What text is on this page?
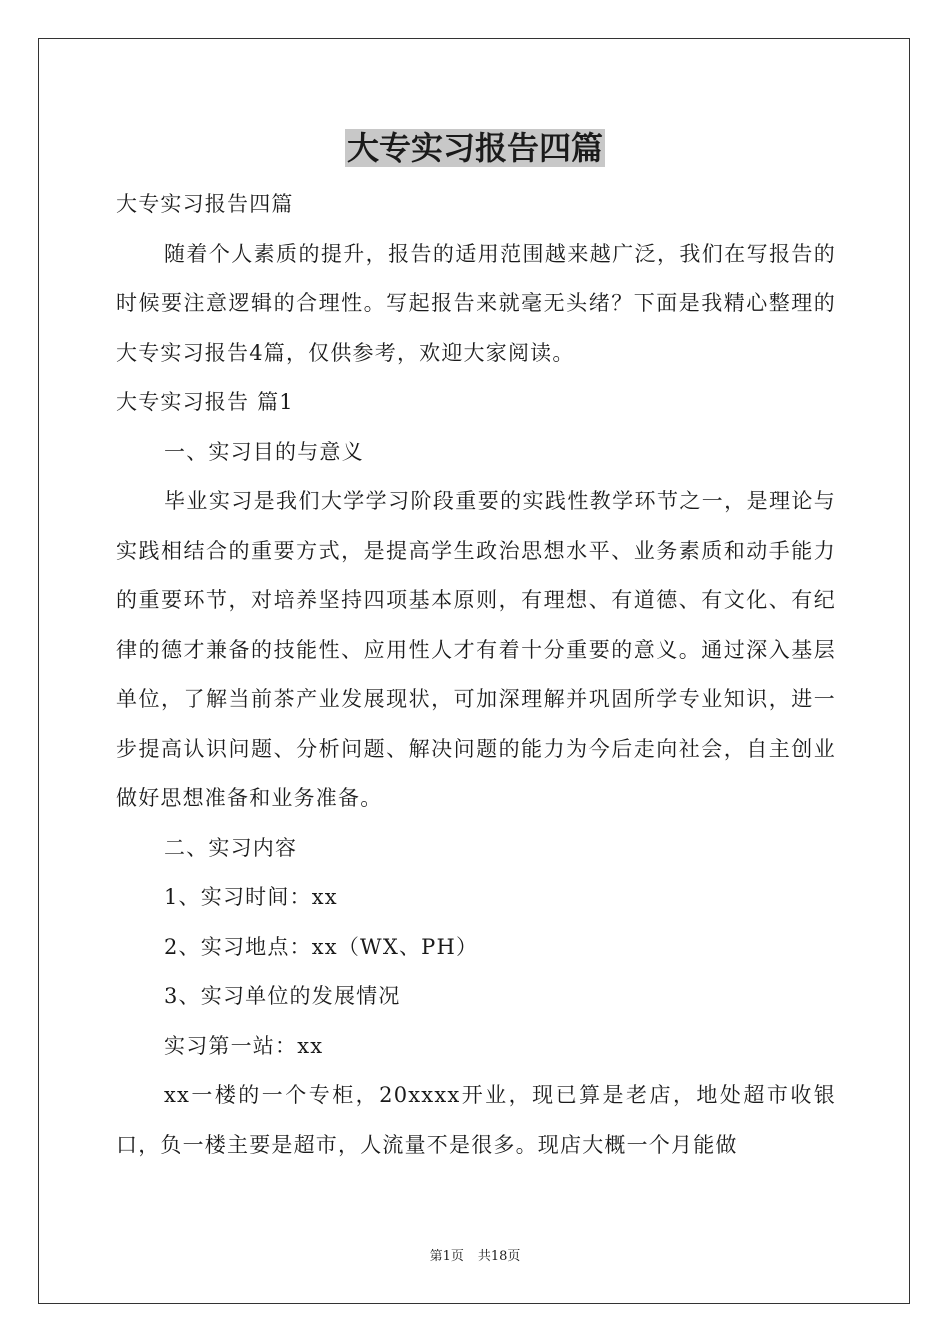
大专实习报告四篇

大专实习报告四篇

随着个人素质的提升，报告的适用范围越来越广泛，我们在写报告的时候要注意逻辑的合理性。写起报告来就毫无头绪？下面是我精心整理的大专实习报告4篇，仅供参考，欢迎大家阅读。

大专实习报告 篇1

一、实习目的与意义

毕业实习是我们大学学习阶段重要的实践性教学环节之一，是理论与实践相结合的重要方式，是提高学生政治思想水平、业务素质和动手能力的重要环节，对培养坚持四项基本原则，有理想、有道德、有文化、有纪律的德才兼备的技能性、应用性人才有着十分重要的意义。通过深入基层单位，了解当前茶产业发展现状，可加深理解并巩固所学专业知识，进一步提高认识问题、分析问题、解决问题的能力为今后走向社会，自主创业做好思想准备和业务准备。

二、实习内容

1、实习时间：xx

2、实习地点：xx（WX、PH）

3、实习单位的发展情况

实习第一站：xx

xx一楼的一个专柜，20xxxx开业，现已算是老店，地处超市收银口，负一楼主要是超市，人流量不是很多。现店大概一个月能做

第1页 共18页
